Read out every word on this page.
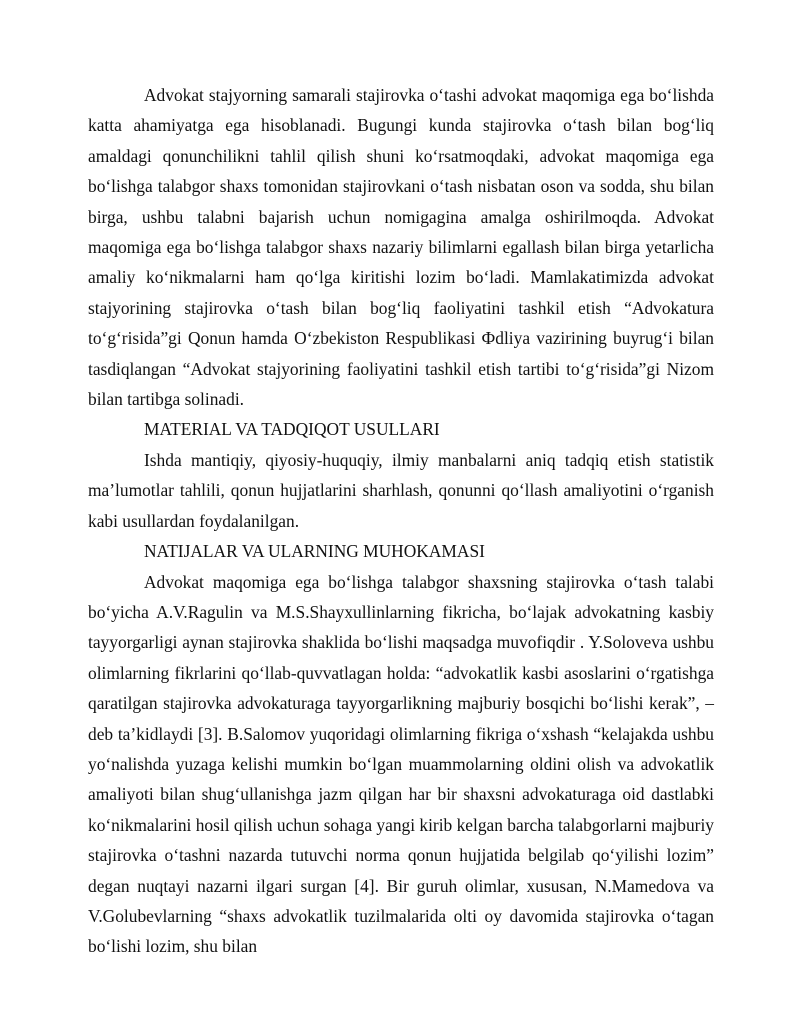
Advokat stajyorning samarali stajirovka o‘tashi advokat maqomiga ega bo‘lishda katta ahamiyatga ega hisoblanadi. Bugungi kunda stajirovka o‘tash bilan bog‘liq amaldagi qonunchilikni tahlil qilish shuni ko‘rsatmoqdaki, advokat maqomiga ega bo‘lishga talabgor shaxs tomonidan stajirovkani o‘tash nisbatan oson va sodda, shu bilan birga, ushbu talabni bajarish uchun nomigagina amalga oshirilmoqda. Advokat maqomiga ega bo‘lishga talabgor shaxs nazariy bilimlarni egallash bilan birga yetarlicha amaliy ko‘nikmalarni ham qo‘lga kiritishi lozim bo‘ladi. Mamlakatimizda advokat stajyorining stajirovka o‘tash bilan bog‘liq faoliyatini tashkil etish “Advokatura to‘g‘risida”gi Qonun hamda O‘zbekiston Respublikasi Фdliya vazirining buyrug‘i bilan tasdiqlangan “Advokat stajyorining faoliyatini tashkil etish tartibi to‘g‘risida”gi Nizom bilan tartibga solinadi.

MATERIAL VA TADQIQOT USULLARI

Ishda mantiqiy, qiyosiy-huquqiy, ilmiy manbalarni aniq tadqiq etish statistik ma’lumotlar tahlili, qonun hujjatlarini sharhlash, qonunni qo‘llash amaliyotini o‘rganish kabi usullardan foydalanilgan.

NATIJALAR VA ULARNING MUHOKAMASI

Advokat maqomiga ega bo‘lishga talabgor shaxsning stajirovka o‘tash talabi bo‘yicha A.V.Ragulin va M.S.Shayxullinlarning fikricha, bo‘lajak advokatning kasbiy tayyorgarligi aynan stajirovka shaklida bo‘lishi maqsadga muvofiqdir . Y.Soloveva ushbu olimlarning fikrlarini qo‘llab-quvvatlagan holda: “advokatlik kasbi asoslarini o‘rgatishga qaratilgan stajirovka advokaturaga tayyorgarlikning majburiy bosqichi bo‘lishi kerak”, – deb ta’kidlaydi [3]. B.Salomov yuqoridagi olimlarning fikriga o‘xshash “kelajakda ushbu yo‘nalishda yuzaga kelishi mumkin bo‘lgan muammolarning oldini olish va advokatlik amaliyoti bilan shug‘ullanishga jazm qilgan har bir shaxsni advokaturaga oid dastlabki ko‘nikmalarini hosil qilish uchun sohaga yangi kirib kelgan barcha talabgorlarni majburiy stajirovka o‘tashni nazarda tutuvchi norma qonun hujjatida belgilab qo‘yilishi lozim” degan nuqtayi nazarni ilgari surgan [4]. Bir guruh olimlar, xususan, N.Mamedova va V.Golubevlarning “shaxs advokatlik tuzilmalarida olti oy davomida stajirovka o‘tagan bo‘lishi lozim, shu bilan
